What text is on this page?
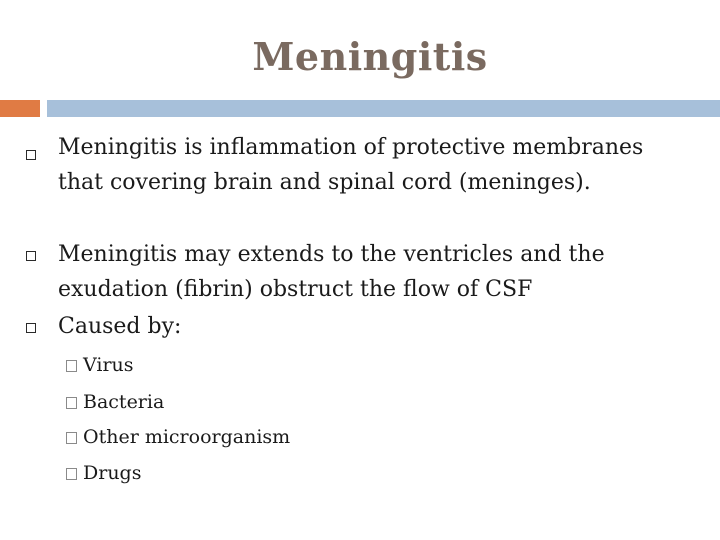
Meningitis
Meningitis is inflammation of protective membranes that covering brain and spinal cord (meninges).
Meningitis may extends to the ventricles and the exudation (fibrin) obstruct the flow of CSF
Caused by:
Virus
Bacteria
Other microorganism
Drugs
